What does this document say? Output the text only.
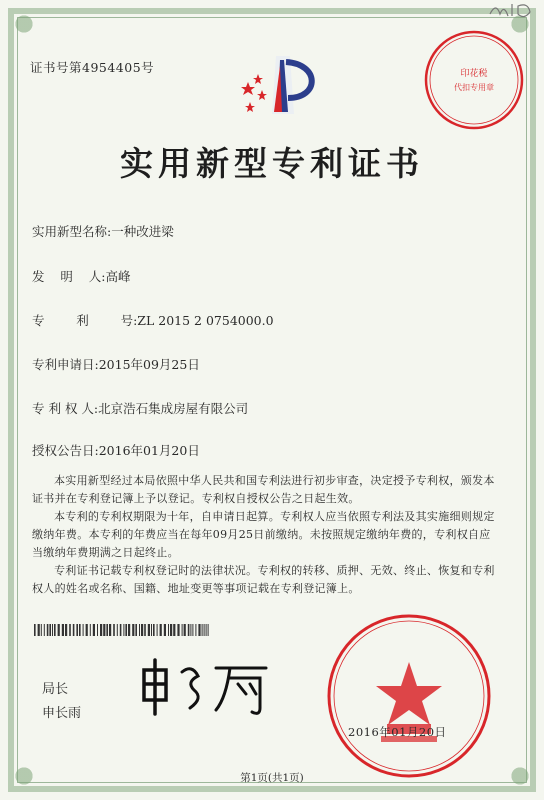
证书号第4954405号	印花税
代扣专用章
实用新型专利证书
实用新型名称:一种改进梁
发    明    人:高峰
专        利        号:ZL 2015 2 0754000.0
专利申请日:2015年09月25日
专 利 权 人:北京浩石集成房屋有限公司
授权公告日:2016年01月20日

本实用新型经过本局依照中华人民共和国专利法进行初步审查，决定授予专利权，颁发本证书并在专利登记簿上予以登记。专利权自授权公告之日起生效。

本专利的专利权期限为十年，自申请日起算。专利权人应当依照专利法及其实施细则规定缴纳年费。本专利的年费应当在每年09月25日前缴纳。未按照规定缴纳年费的，专利权自应当缴纳年费期满之日起终止。

专利证书记载专利权登记时的法律状况。专利权的转移、质押、无效、终止、恢复和专利权人的姓名或名称、国籍、地址变更等事项记载在专利登记簿上。

局长
申长雨
2016年01月20日
第1页(共1页)
